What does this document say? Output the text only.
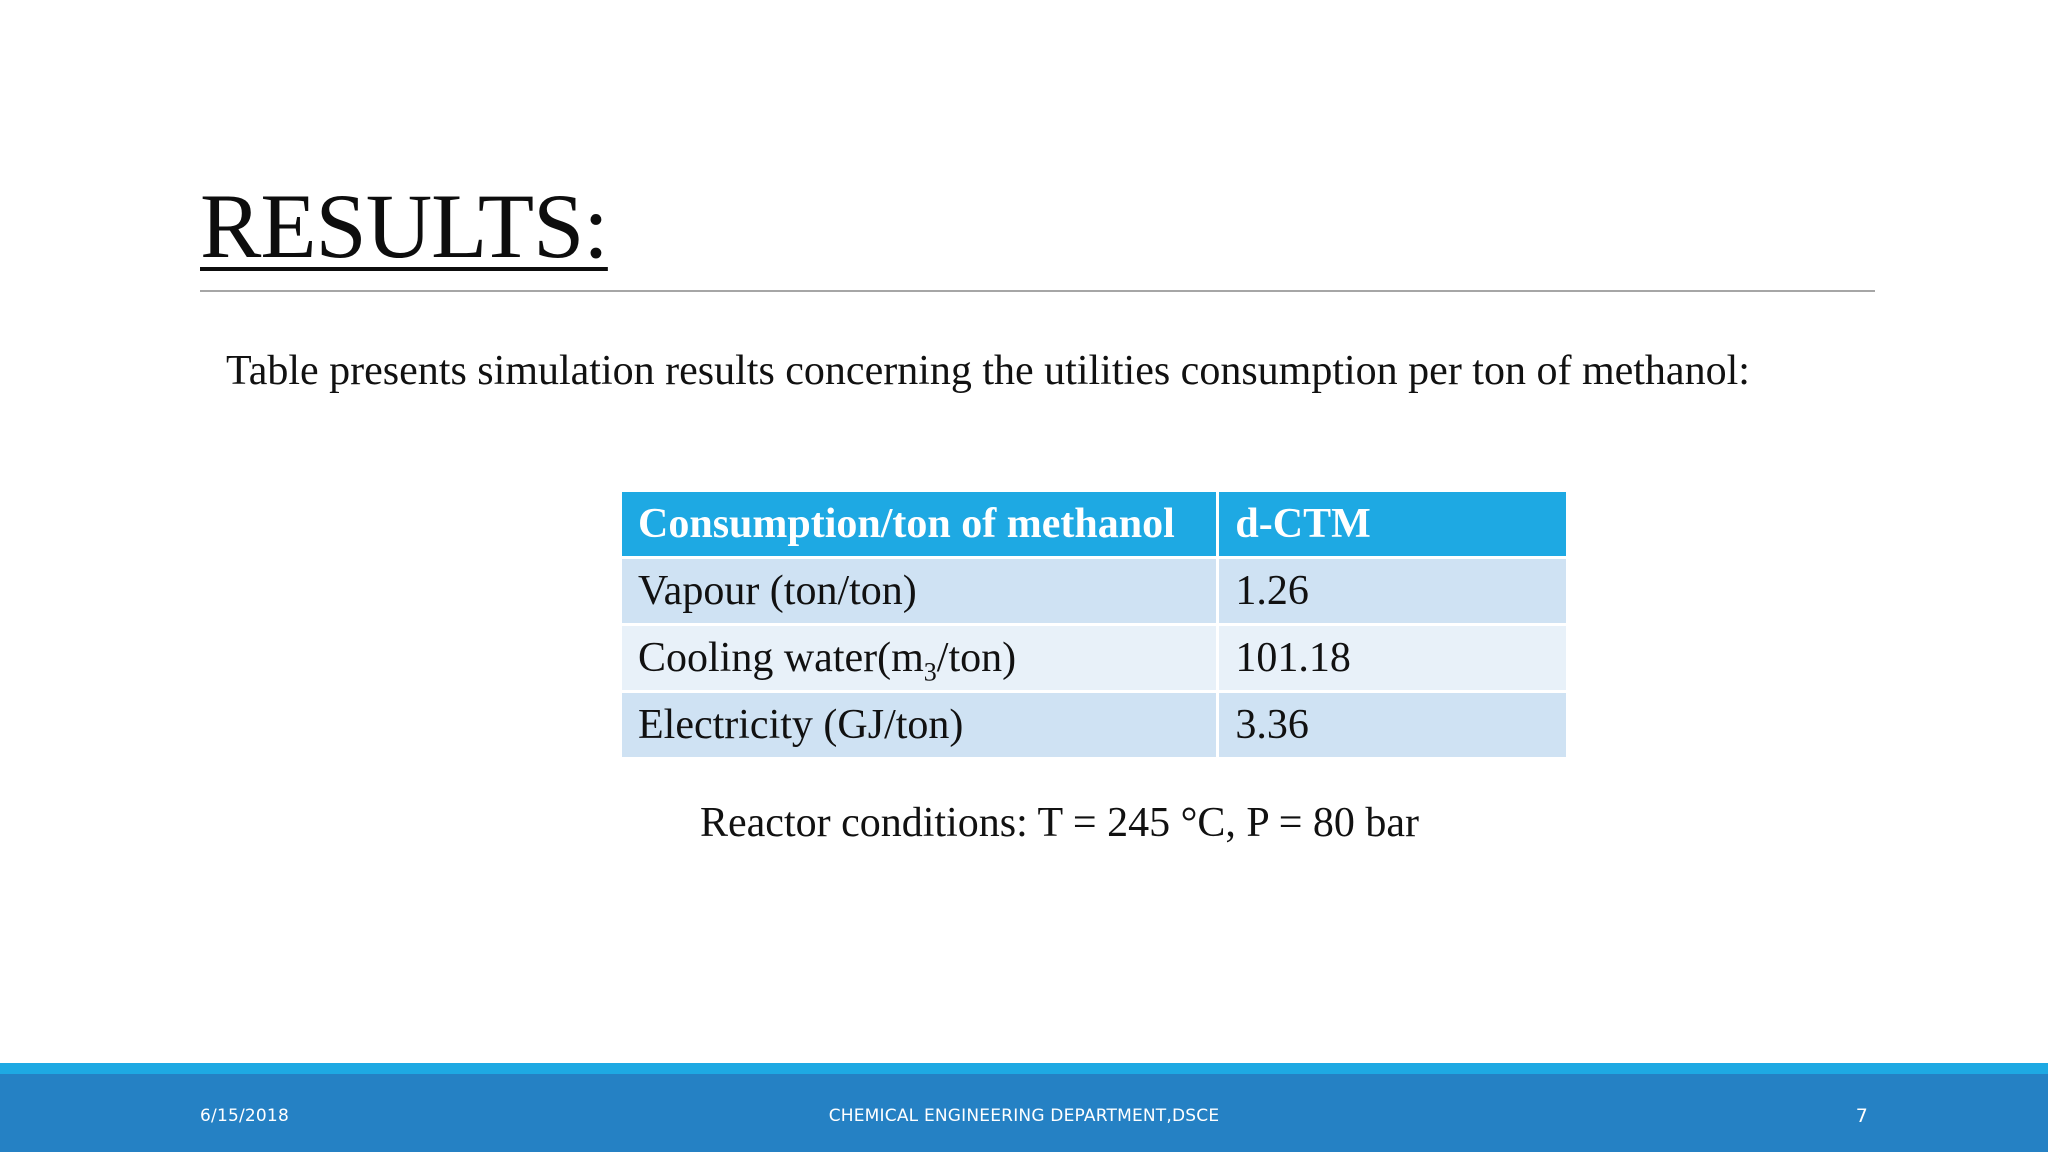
RESULTS:

Table presents simulation results concerning the utilities consumption per ton of methanol:

Consumption/ton of methanol	d-CTM
Vapour (ton/ton)	1.26
Cooling $water(m_3/ton)$	101.18
Electricity (GJ/ton)	3.36

Reactor conditions: T = 245 °C, P = 80 bar

6/15/2018	CHEMICAL ENGINEERING DEPARTMENT,DSCE	7
